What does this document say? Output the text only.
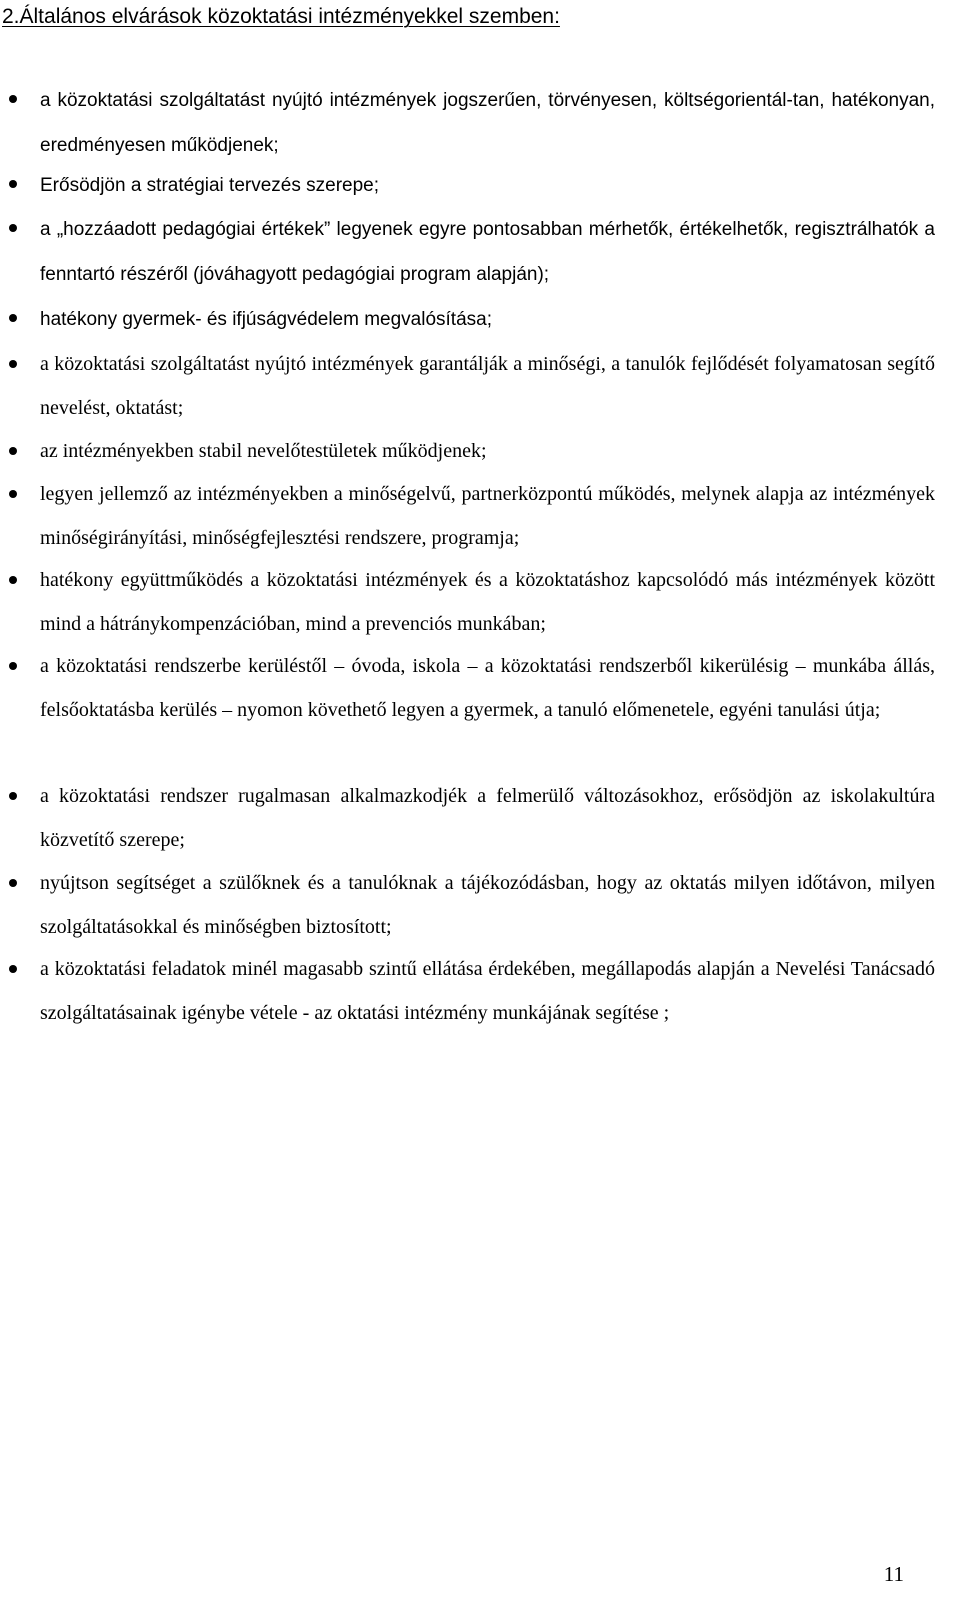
2.Általános elvárások közoktatási intézményekkel szemben:

a közoktatási szolgáltatást nyújtó intézmények jogszerűen, törvényesen, költségorientál-tan, hatékonyan, eredményesen működjenek;

Erősödjön a stratégiai tervezés szerepe;

a „hozzáadott pedagógiai értékek” legyenek egyre pontosabban mérhetők, értékelhetők, regisztrálhatók a fenntartó részéről (jóváhagyott pedagógiai program alapján);

hatékony gyermek- és ifjúságvédelem megvalósítása;

a közoktatási szolgáltatást nyújtó intézmények garantálják a minőségi, a tanulók fejlődését folyamatosan segítő nevelést, oktatást;

az intézményekben stabil nevelőtestületek működjenek;

legyen jellemző az intézményekben a minőségelvű, partnerközpontú működés, melynek alapja az intézmények minőségirányítási, minőségfejlesztési rendszere, programja;

hatékony együttműködés a közoktatási intézmények és a közoktatáshoz kapcsolódó más intézmények között mind a hátránykompenzációban, mind a prevenciós munkában;

a közoktatási rendszerbe kerüléstől – óvoda, iskola – a közoktatási rendszerből kikerülésig – munkába állás, felsőoktatásba kerülés – nyomon követhető legyen a gyermek, a tanuló előmenetele, egyéni tanulási útja;

a közoktatási rendszer rugalmasan alkalmazkodjék a felmerülő változásokhoz, erősödjön az iskolakultúra közvetítő szerepe;

nyújtson segítséget a szülőknek és a tanulóknak a tájékozódásban, hogy az oktatás milyen időtávon, milyen szolgáltatásokkal és minőségben biztosított;

a közoktatási feladatok minél magasabb szintű ellátása érdekében, megállapodás alapján a Nevelési Tanácsadó szolgáltatásainak igénybe vétele - az oktatási intézmény munkájának segítése ;

11
